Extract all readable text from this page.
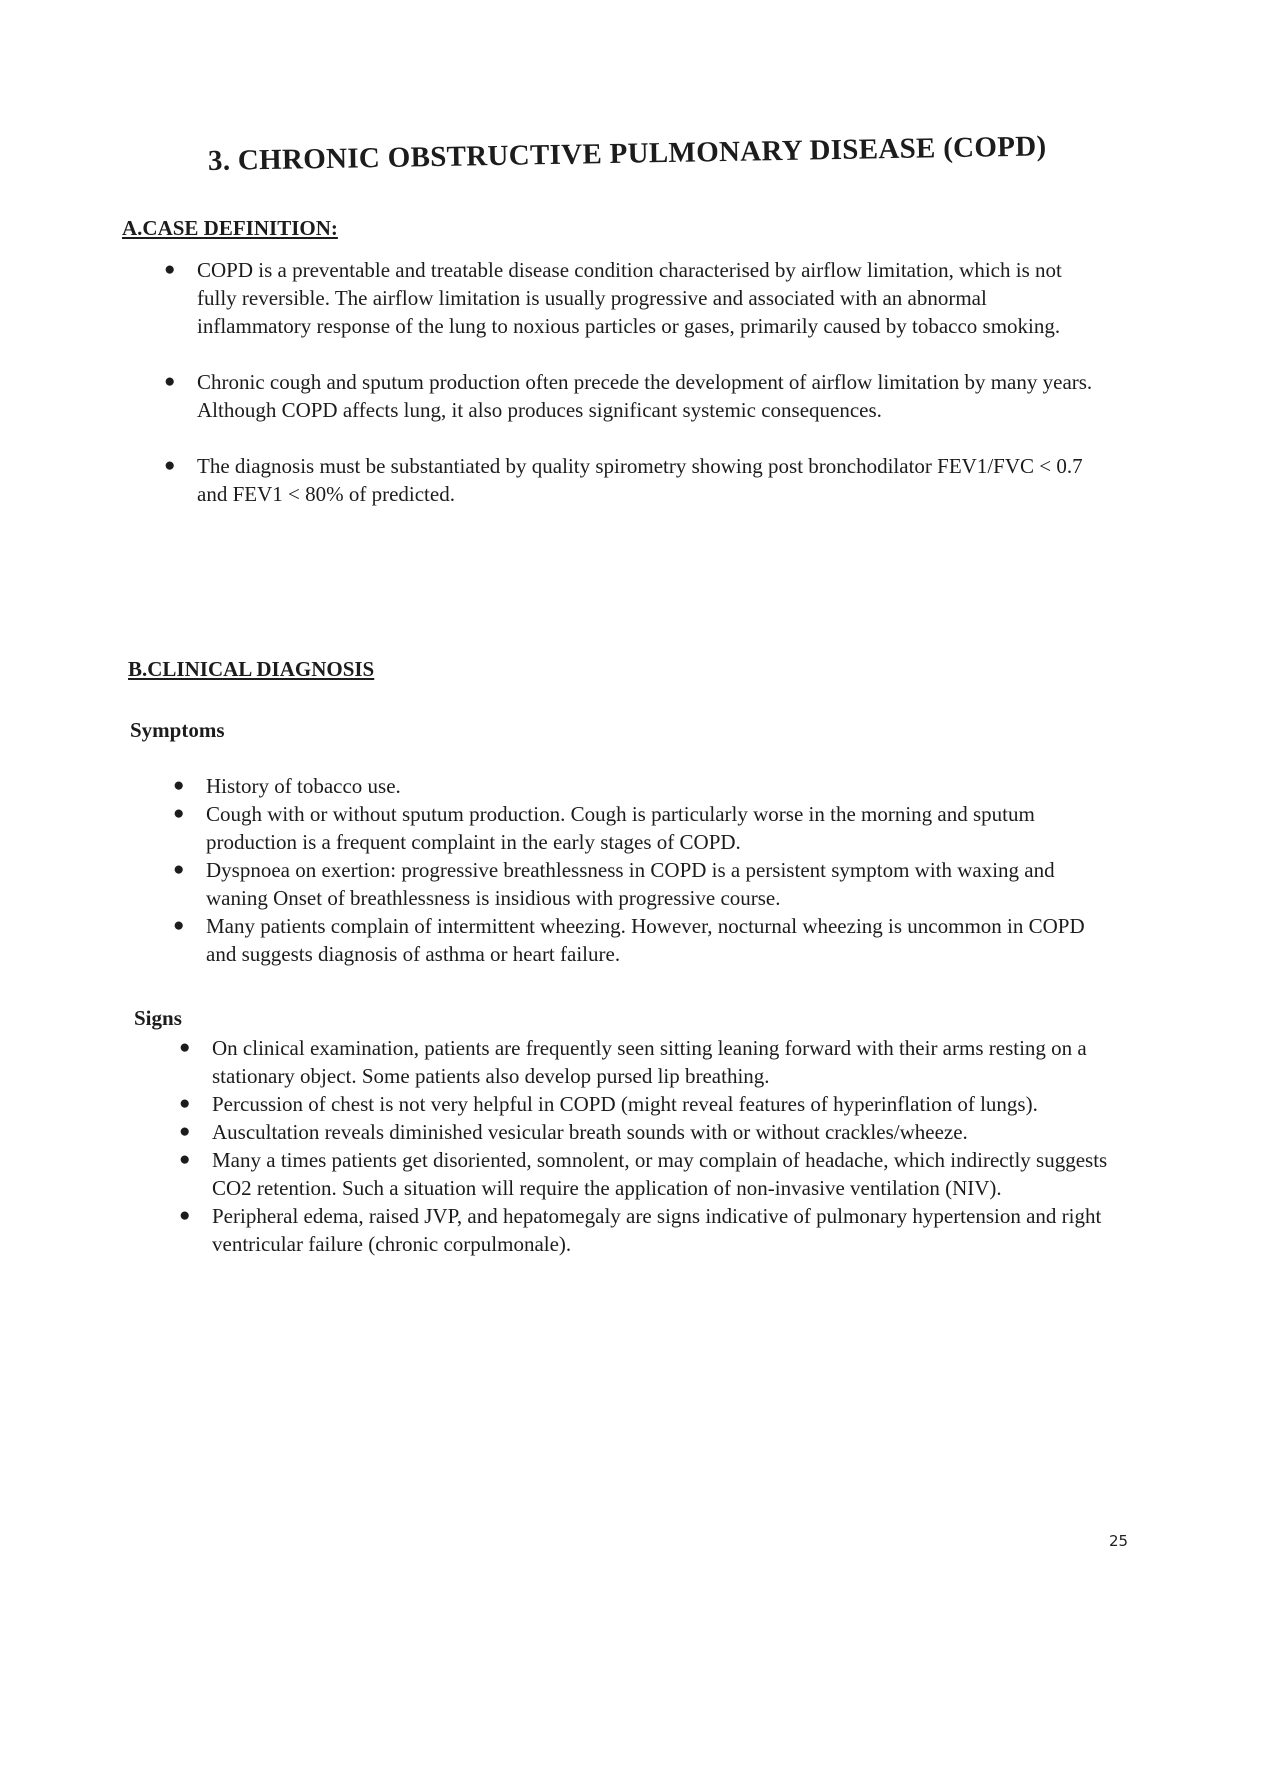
3. CHRONIC OBSTRUCTIVE PULMONARY DISEASE (COPD)
A.CASE DEFINITION:
● COPD is a preventable and treatable disease condition characterised by airflow limitation, which is not fully reversible. The airflow limitation is usually progressive and associated with an abnormal inflammatory response of the lung to noxious particles or gases, primarily caused by tobacco smoking.
● Chronic cough and sputum production often precede the development of airflow limitation by many years. Although COPD affects lung, it also produces significant systemic consequences.
● The diagnosis must be substantiated by quality spirometry showing post bronchodilator FEV1/FVC < 0.7 and FEV1 < 80% of predicted.
B.CLINICAL DIAGNOSIS
Symptoms
● History of tobacco use.
● Cough with or without sputum production. Cough is particularly worse in the morning and sputum production is a frequent complaint in the early stages of COPD.
● Dyspnoea on exertion: progressive breathlessness in COPD is a persistent symptom with waxing and waning Onset of breathlessness is insidious with progressive course.
● Many patients complain of intermittent wheezing. However, nocturnal wheezing is uncommon in COPD and suggests diagnosis of asthma or heart failure.
Signs
● On clinical examination, patients are frequently seen sitting leaning forward with their arms resting on a stationary object. Some patients also develop pursed lip breathing.
● Percussion of chest is not very helpful in COPD (might reveal features of hyperinflation of lungs).
● Auscultation reveals diminished vesicular breath sounds with or without crackles/wheeze.
● Many a times patients get disoriented, somnolent, or may complain of headache, which indirectly suggests CO2 retention. Such a situation will require the application of non-invasive ventilation (NIV).
● Peripheral edema, raised JVP, and hepatomegaly are signs indicative of pulmonary hypertension and right ventricular failure (chronic corpulmonale).
25
